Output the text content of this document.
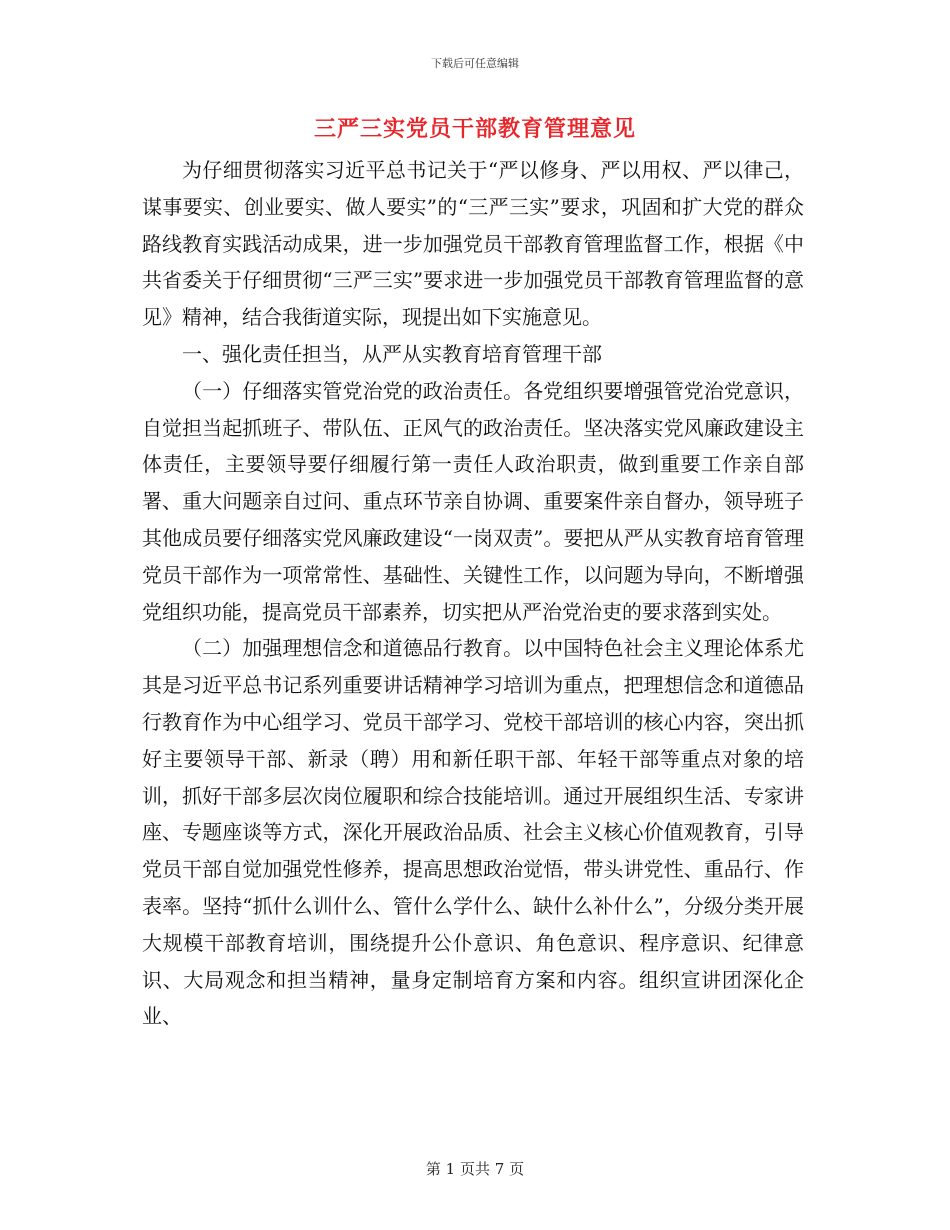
下载后可任意编辑
三严三实党员干部教育管理意见

为仔细贯彻落实习近平总书记关于“严以修身、严以用权、严以律己，谋事要实、创业要实、做人要实”的“三严三实”要求，巩固和扩大党的群众路线教育实践活动成果，进一步加强党员干部教育管理监督工作，根据《中共省委关于仔细贯彻“三严三实”要求进一步加强党员干部教育管理监督的意见》精神，结合我街道实际，现提出如下实施意见。

一、强化责任担当，从严从实教育培育管理干部

（一）仔细落实管党治党的政治责任。各党组织要增强管党治党意识，自觉担当起抓班子、带队伍、正风气的政治责任。坚决落实党风廉政建设主体责任，主要领导要仔细履行第一责任人政治职责，做到重要工作亲自部署、重大问题亲自过问、重点环节亲自协调、重要案件亲自督办，领导班子其他成员要仔细落实党风廉政建设“一岗双责”。要把从严从实教育培育管理党员干部作为一项常常性、基础性、关键性工作，以问题为导向，不断增强党组织功能，提高党员干部素养，切实把从严治党治吏的要求落到实处。

（二）加强理想信念和道德品行教育。以中国特色社会主义理论体系尤其是习近平总书记系列重要讲话精神学习培训为重点，把理想信念和道德品行教育作为中心组学习、党员干部学习、党校干部培训的核心内容，突出抓好主要领导干部、新录（聘）用和新任职干部、年轻干部等重点对象的培训，抓好干部多层次岗位履职和综合技能培训。通过开展组织生活、专家讲座、专题座谈等方式，深化开展政治品质、社会主义核心价值观教育，引导党员干部自觉加强党性修养，提高思想政治觉悟，带头讲党性、重品行、作表率。坚持“抓什么训什么、管什么学什么、缺什么补什么”，分级分类开展大规模干部教育培训，围绕提升公仆意识、角色意识、程序意识、纪律意识、大局观念和担当精神，量身定制培育方案和内容。组织宣讲团深化企业、

第 1 页共 7 页
